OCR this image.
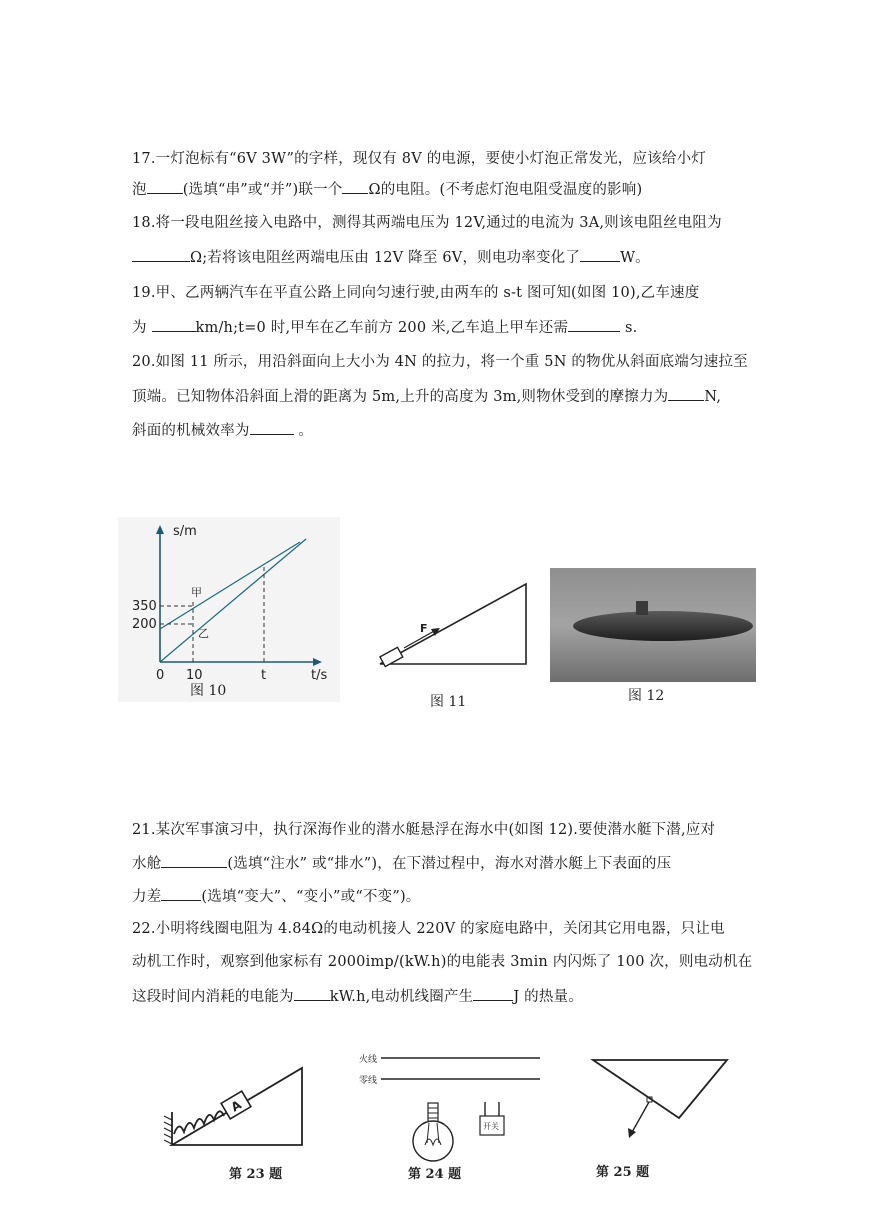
17.一灯泡标有“6V 3W”的字样，现仅有 8V 的电源，要使小灯泡正常发光，应该给小灯
泡 (选填“串”或“并”)联一个 Ω的电阻。(不考虑灯泡电阻受温度的影响)
18.将一段电阻丝接入电路中，测得其两端电压为 12V,通过的电流为 3A,则该电阻丝电阻为
Ω;若将该电阻丝两端电压由 12V 降至 6V，则电功率变化了	W。
19.甲、乙两辆汽车在平直公路上同向匀速行驶,由两车的 s-t 图可知(如图 10),乙车速度
为	km/h;t=0 时,甲车在乙车前方 200 米,乙车追上甲车还需	s.
20.如图 11 所示，用沿斜面向上大小为 4N 的拉力，将一个重 5N 的物优从斜面底端匀速拉至
顶端。已知物体沿斜面上滑的距离为 5m,上升的高度为 3m,则物休受到的摩擦力为 N,
斜面的机械效率为	。
s/m
t/s
0 10	t
350
200
甲
乙
图 10
F
图 11	图 12
21.某次军事演习中，执行深海作业的潜水艇悬浮在海水中(如图 12).要使潜水艇下潜,应对
水舱	(选填“注水” 或“排水”)，在下潜过程中，海水对潜水艇上下表面的压
力差	(选填“变大”、“变小”或“不变”)。
22.小明将线圈电阻为 4.84Ω的电动机接人 220V 的家庭电路中，关闭其它用电器，只让电
动机工作时，观察到他家标有 2000imp/(kW.h)的电能表 3min 内闪烁了 100 次，则电动机在
这段时间内消耗的电能为 kW.h,电动机线圈产生	J 的热量。
A
第 23 题
火线
零线
开关
第 24 题	第 25 题
